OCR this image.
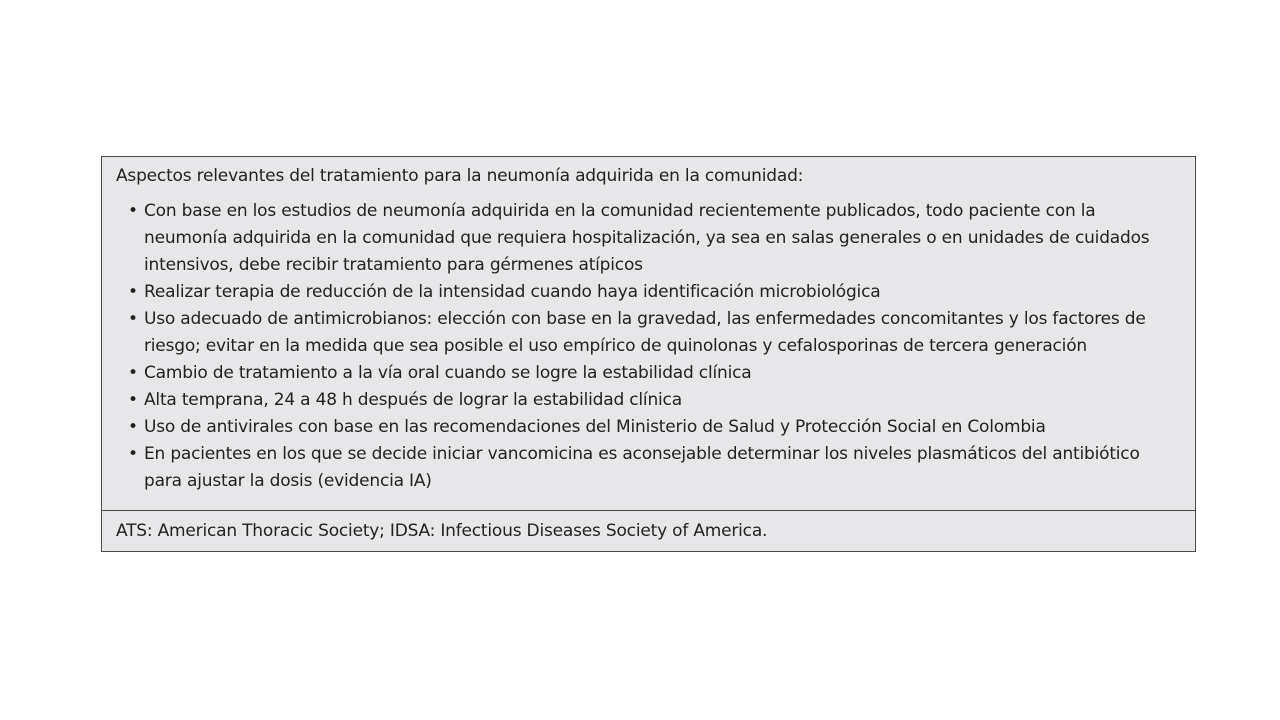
Aspectos relevantes del tratamiento para la neumonía adquirida en la comunidad:

• Con base en los estudios de neumonía adquirida en la comunidad recientemente publicados, todo paciente con la neumonía adquirida en la comunidad que requiera hospitalización, ya sea en salas generales o en unidades de cuidados intensivos, debe recibir tratamiento para gérmenes atípicos
• Realizar terapia de reducción de la intensidad cuando haya identificación microbiológica
• Uso adecuado de antimicrobianos: elección con base en la gravedad, las enfermedades concomitantes y los factores de riesgo; evitar en la medida que sea posible el uso empírico de quinolonas y cefalosporinas de tercera generación
• Cambio de tratamiento a la vía oral cuando se logre la estabilidad clínica
• Alta temprana, 24 a 48 h después de lograr la estabilidad clínica
• Uso de antivirales con base en las recomendaciones del Ministerio de Salud y Protección Social en Colombia
• En pacientes en los que se decide iniciar vancomicina es aconsejable determinar los niveles plasmáticos del antibiótico para ajustar la dosis (evidencia IA)
ATS: American Thoracic Society; IDSA: Infectious Diseases Society of America.
